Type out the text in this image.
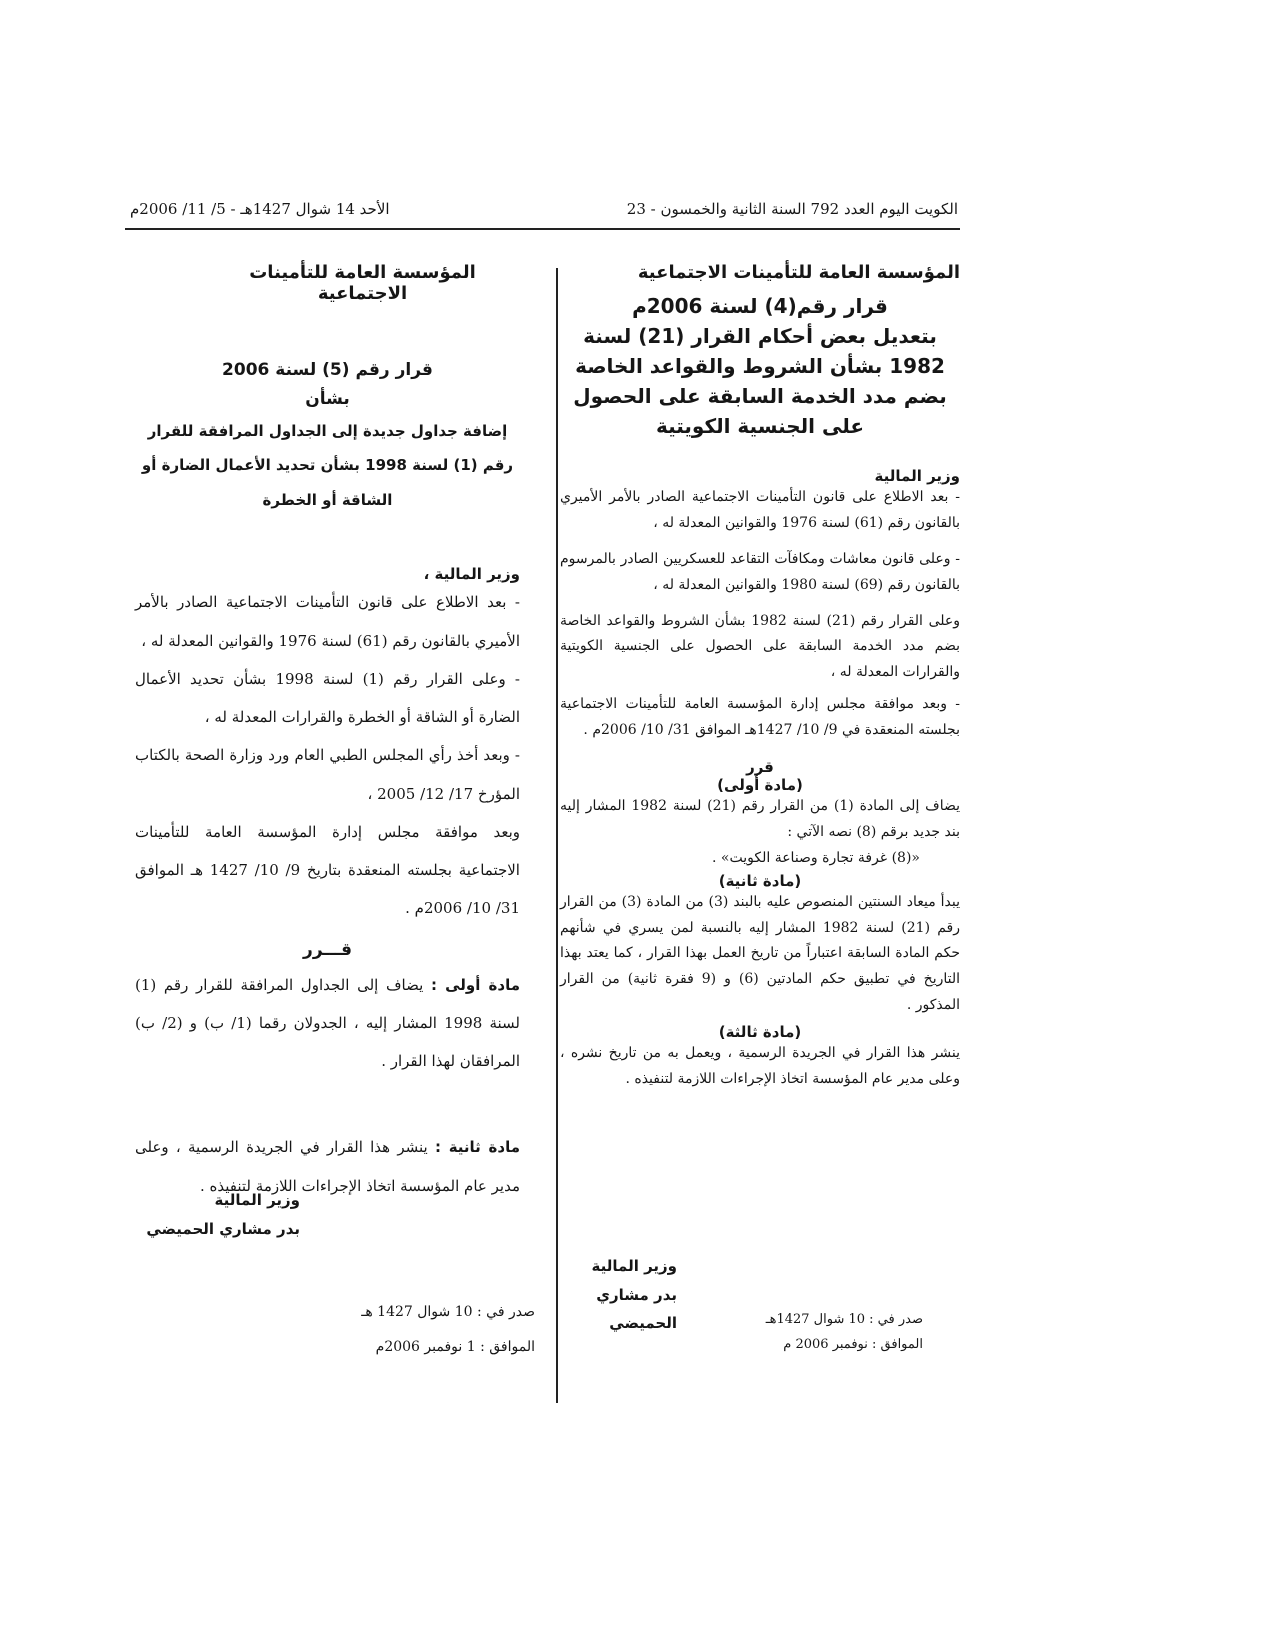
الكويت اليوم العدد 792 السنة الثانية والخمسون - 23
الأحد 14 شوال 1427هـ - 5/ 11/ 2006م
المؤسسة العامة للتأمينات الاجتماعية
قرار رقم(4) لسنة 2006م
بتعديل بعض أحكام القرار (21) لسنة 1982 بشأن الشروط والقواعد الخاصة بضم مدد الخدمة السابقة على الحصول على الجنسية الكويتية
وزير المالية

- بعد الاطلاع على قانون التأمينات الاجتماعية الصادر بالأمر الأميري بالقانون رقم (61) لسنة 1976 والقوانين المعدلة له ،

- وعلى قانون معاشات ومكافآت التقاعد للعسكريين الصادر بالمرسوم بالقانون رقم (69) لسنة 1980 والقوانين المعدلة له ،

وعلى القرار رقم (21) لسنة 1982 بشأن الشروط والقواعد الخاصة بضم مدد الخدمة السابقة على الحصول على الجنسية الكويتية والقرارات المعدلة له ،

- وبعد موافقة مجلس إدارة المؤسسة العامة للتأمينات الاجتماعية بجلسته المنعقدة في 9/ 10/ 1427هـ الموافق 31/ 10/ 2006م .

قرر
(مادة أولى)

يضاف إلى المادة (1) من القرار رقم (21) لسنة 1982 المشار إليه بند جديد برقم (8) نصه الآتي :

«(8) غرفة تجارة وصناعة الكويت» .

(مادة ثانية)

يبدأ ميعاد السنتين المنصوص عليه بالبند (3) من المادة (3) من القرار رقم (21) لسنة 1982 المشار إليه بالنسبة لمن يسري في شأنهم حكم المادة السابقة اعتباراً من تاريخ العمل بهذا القرار ، كما يعتد بهذا التاريخ في تطبيق حكم المادتين (6) و (9 فقرة ثانية) من القرار المذكور .

(مادة ثالثة)

ينشر هذا القرار في الجريدة الرسمية ، ويعمل به من تاريخ نشره ، وعلى مدير عام المؤسسة اتخاذ الإجراءات اللازمة لتنفيذه .

وزير المالية
بدر مشاري الحميضي	صدر في : 10 شوال 1427هـ
الموافق : نوفمبر 2006 م
المؤسسة العامة للتأمينات الاجتماعية
قرار رقم (5) لسنة 2006
بشأن
إضافة جداول جديدة إلى الجداول المرافقة للقرار رقم (1) لسنة 1998 بشأن تحديد الأعمال الضارة أو الشاقة أو الخطرة
وزير المالية ،

- بعد الاطلاع على قانون التأمينات الاجتماعية الصادر بالأمر الأميري بالقانون رقم (61) لسنة 1976 والقوانين المعدلة له ،

- وعلى القرار رقم (1) لسنة 1998 بشأن تحديد الأعمال الضارة أو الشاقة أو الخطرة والقرارات المعدلة له ،

- وبعد أخذ رأي المجلس الطبي العام ورد وزارة الصحة بالكتاب المؤرخ 17/ 12/ 2005 ،

وبعد موافقة مجلس إدارة المؤسسة العامة للتأمينات الاجتماعية بجلسته المنعقدة بتاريخ 9/ 10/ 1427 هـ الموافق 31/ 10/ 2006م .

قـــرر

مادة أولى : يضاف إلى الجداول المرافقة للقرار رقم (1) لسنة 1998 المشار إليه ، الجدولان رقما (1/ ب) و (2/ ب) المرافقان لهذا القرار .

مادة ثانية : ينشر هذا القرار في الجريدة الرسمية ، وعلى مدير عام المؤسسة اتخاذ الإجراءات اللازمة لتنفيذه .

وزير المالية
بدر مشاري الحميضي
صدر في : 10 شوال 1427 هـ
الموافق : 1 نوفمبر 2006م
